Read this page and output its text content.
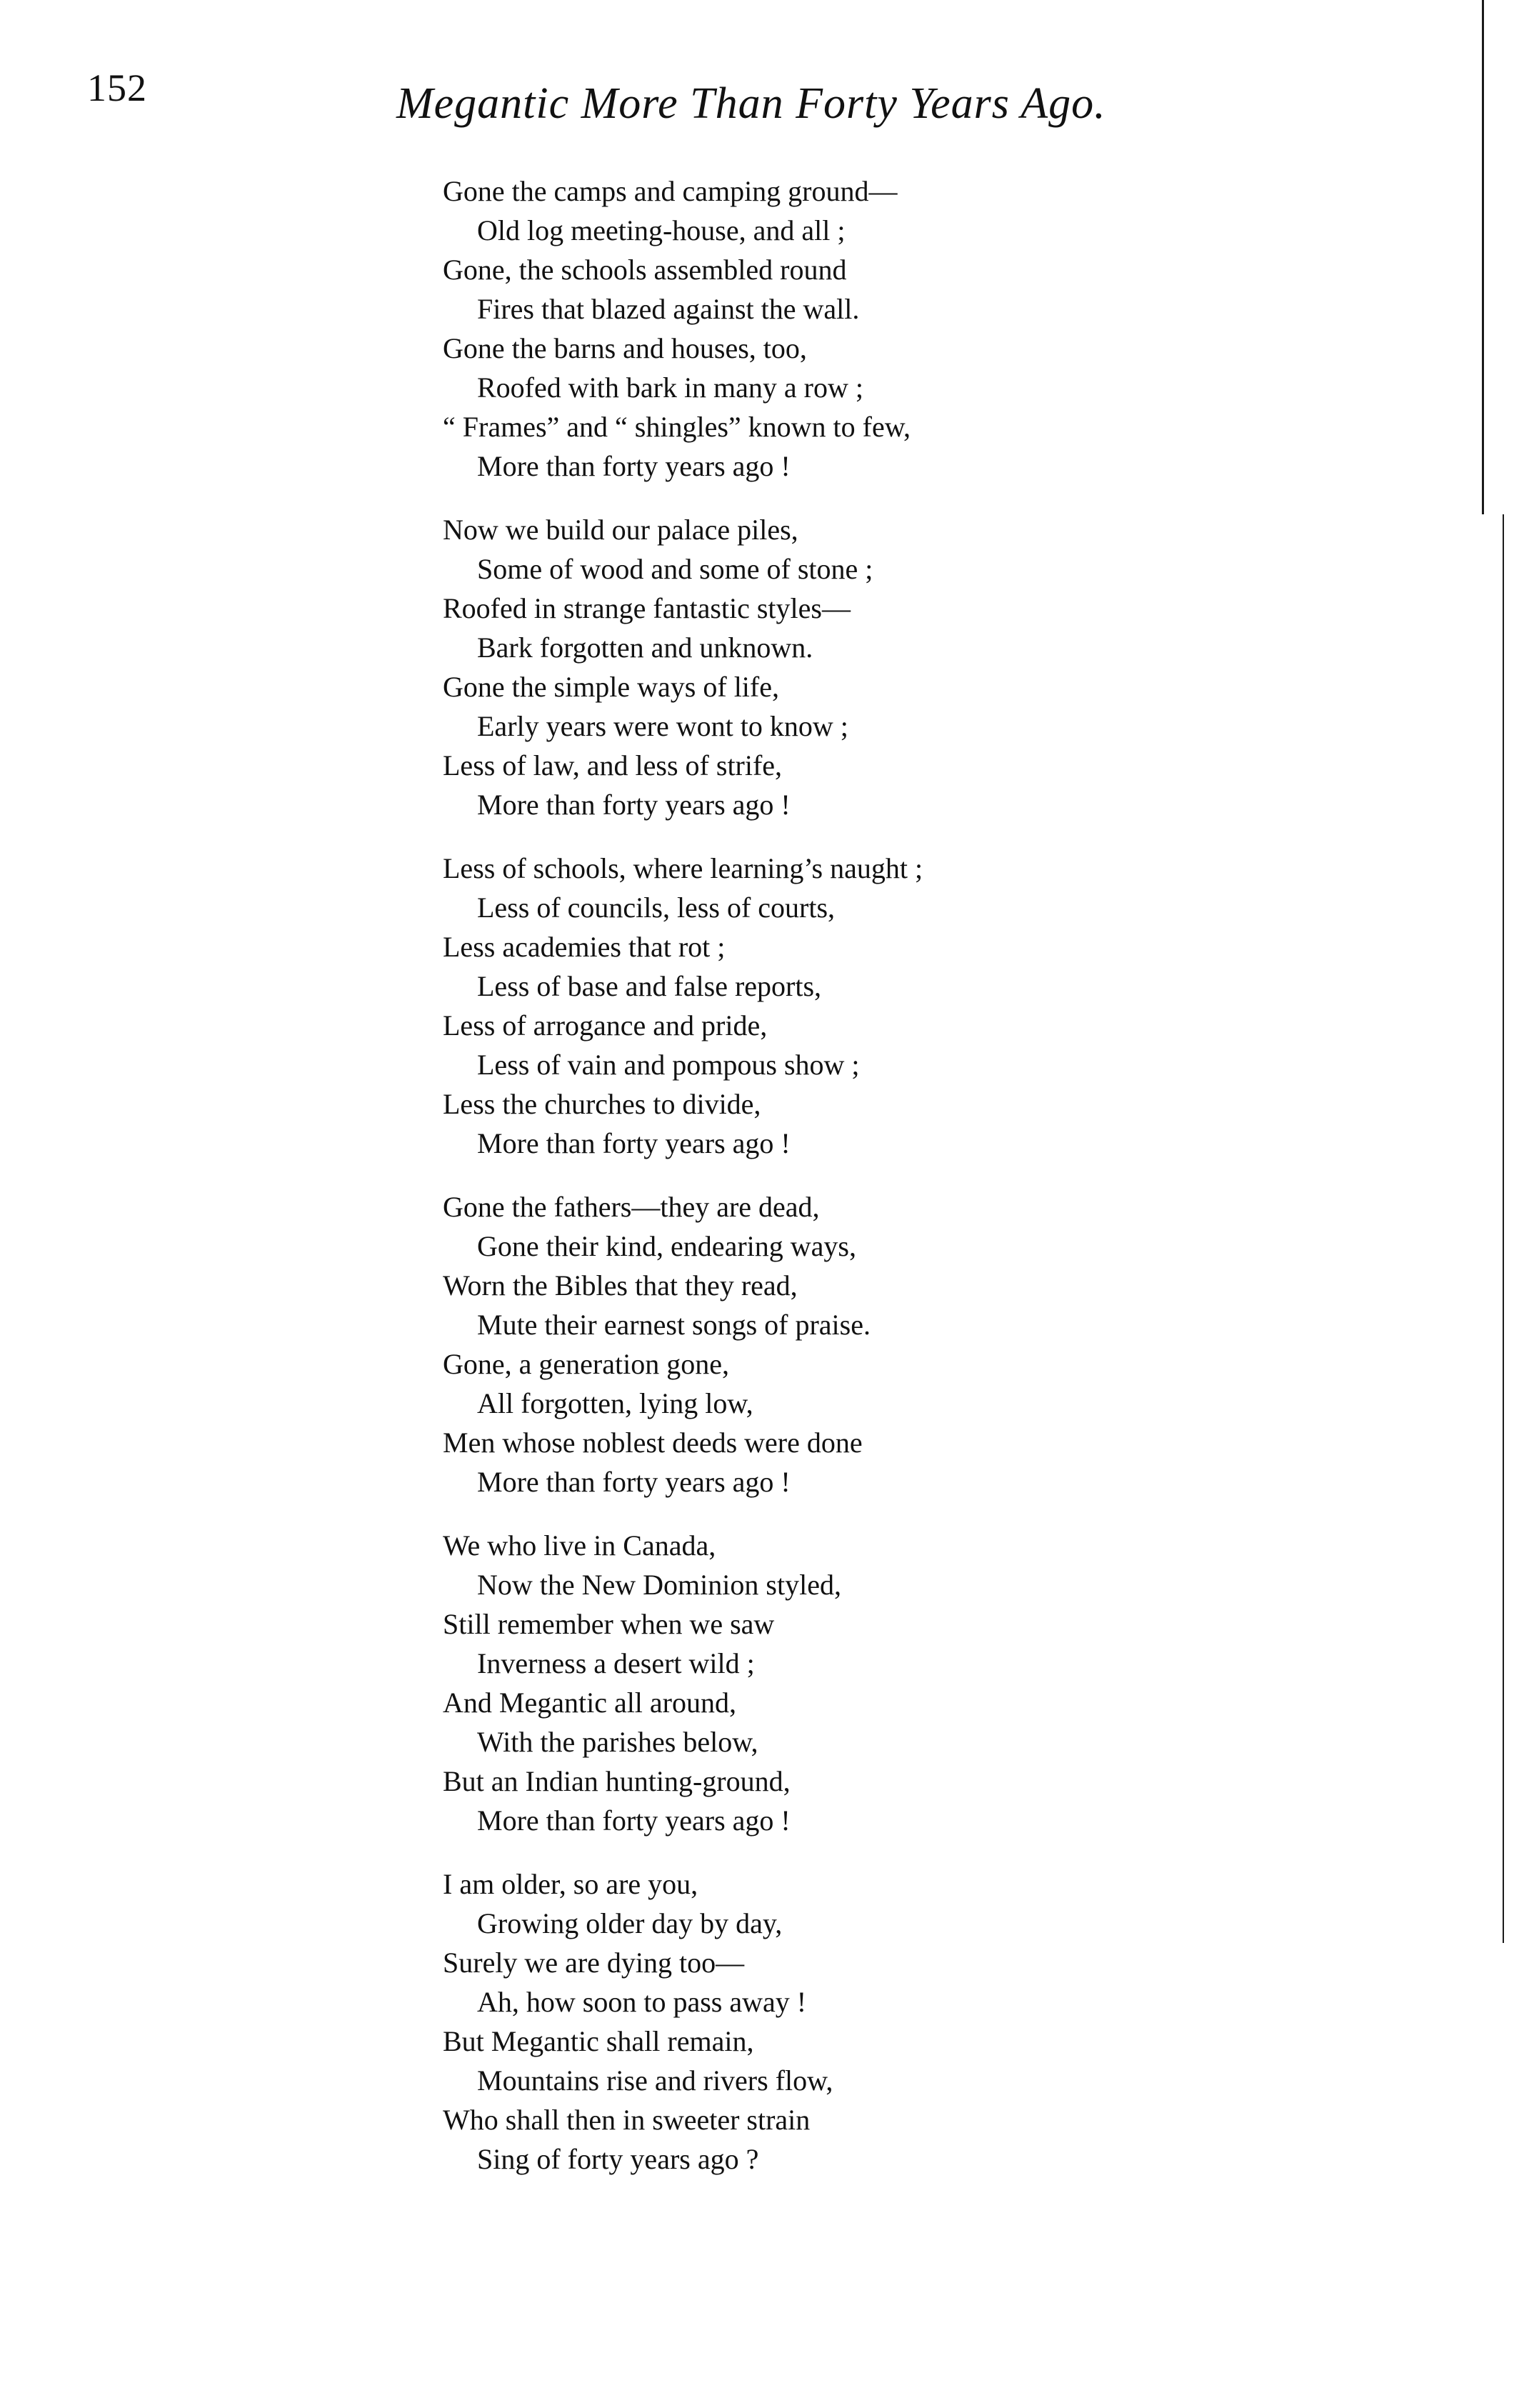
152	Megantic More Than Forty Years Ago.
Gone the camps and camping ground—
Old log meeting-house, and all ;
Gone, the schools assembled round
Fires that blazed against the wall.
Gone the barns and houses, too,
Roofed with bark in many a row ;
“ Frames” and “ shingles” known to few,
More than forty years ago !
Now we build our palace piles,
Some of wood and some of stone ;
Roofed in strange fantastic styles—
Bark forgotten and unknown.
Gone the simple ways of life,
Early years were wont to know ;
Less of law, and less of strife,
More than forty years ago !
Less of schools, where learning’s naught ;
Less of councils, less of courts,
Less academies that rot ;
Less of base and false reports,
Less of arrogance and pride,
Less of vain and pompous show ;
Less the churches to divide,
More than forty years ago !
Gone the fathers—they are dead,
Gone their kind, endearing ways,
Worn the Bibles that they read,
Mute their earnest songs of praise.
Gone, a generation gone,
All forgotten, lying low,
Men whose noblest deeds were done
More than forty years ago !
We who live in Canada,
Now the New Dominion styled,
Still remember when we saw
Inverness a desert wild ;
And Megantic all around,
With the parishes below,
But an Indian hunting-ground,
More than forty years ago !
I am older, so are you,
Growing older day by day,
Surely we are dying too—
Ah, how soon to pass away !
But Megantic shall remain,
Mountains rise and rivers flow,
Who shall then in sweeter strain
Sing of forty years ago ?
